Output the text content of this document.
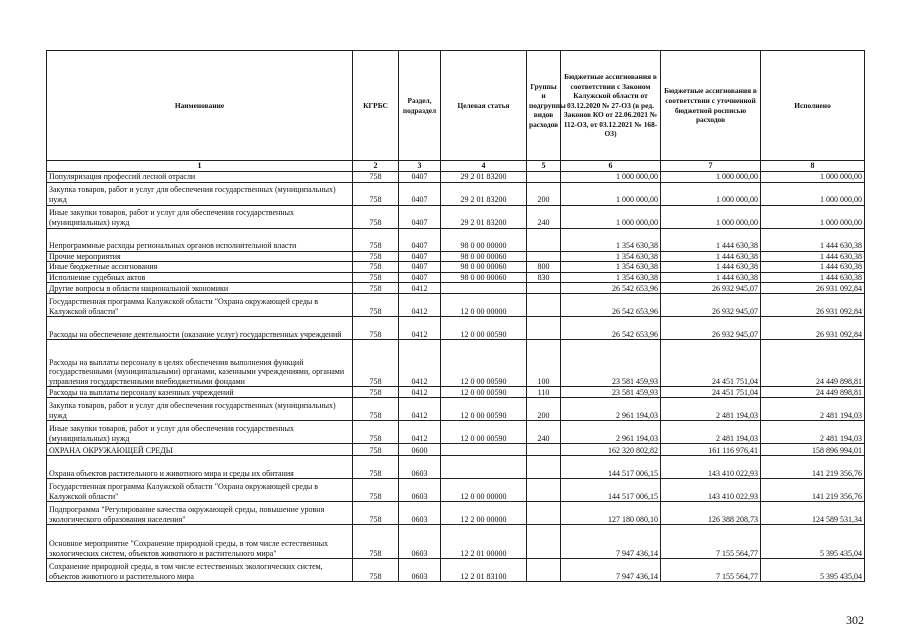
Наименование	КГРБС	Раздел, подраздел	Целевая статья	Группы и подгруппы видов расходов	Бюджетные ассигнования в соответствии с Законом Калужской области от 03.12.2020 № 27-ОЗ (в ред. Законов КО от 22.06.2021 № 112-ОЗ, от 03.12.2021 № 168-ОЗ)	Бюджетные ассигнования в соответствии с уточненной бюджетной росписью расходов	Исполнено
1	2	3	4	5	6	7	8
Популяризация профессий лесной отрасли	758	0407	29 2 01 83200		1 000 000,00	1 000 000,00	1 000 000,00
Закупка товаров, работ и услуг для обеспечения государственных (муниципальных) нужд	758	0407	29 2 01 83200	200	1 000 000,00	1 000 000,00	1 000 000,00
Иные закупки товаров, работ и услуг для обеспечения государственных (муниципальных) нужд	758	0407	29 2 01 83200	240	1 000 000,00	1 000 000,00	1 000 000,00
Непрограммные расходы региональных органов исполнительной власти	758	0407	98 0 00 00000		1 354 630,38	1 444 630,38	1 444 630,38
Прочие мероприятия	758	0407	98 0 00 00060		1 354 630,38	1 444 630,38	1 444 630,38
Иные бюджетные ассигнования	758	0407	98 0 00 00060	800	1 354 630,38	1 444 630,38	1 444 630,38
Исполнение судебных актов	758	0407	98 0 00 00060	830	1 354 630,38	1 444 630,38	1 444 630,38
Другие вопросы в области национальной экономики	758	0412			26 542 653,96	26 932 945,07	26 931 092,84
Государственная программа Калужской области "Охрана окружающей среды в Калужской области"	758	0412	12 0 00 00000		26 542 653,96	26 932 945,07	26 931 092,84
Расходы на обеспечение деятельности (оказание услуг) государственных учреждений	758	0412	12 0 00 00590		26 542 653,96	26 932 945,07	26 931 092,84
Расходы на выплаты персоналу в целях обеспечения выполнения функций государственными (муниципальными) органами, казенными учреждениями, органами управления государственными внебюджетными фондами	758	0412	12 0 00 00590	100	23 581 459,93	24 451 751,04	24 449 898,81
Расходы на выплаты персоналу казенных учреждений	758	0412	12 0 00 00590	110	23 581 459,93	24 451 751,04	24 449 898,81
Закупка товаров, работ и услуг для обеспечения государственных (муниципальных) нужд	758	0412	12 0 00 00590	200	2 961 194,03	2 481 194,03	2 481 194,03
Иные закупки товаров, работ и услуг для обеспечения государственных (муниципальных) нужд	758	0412	12 0 00 00590	240	2 961 194,03	2 481 194,03	2 481 194,03
ОХРАНА ОКРУЖАЮЩЕЙ СРЕДЫ	758	0600			162 320 802,82	161 116 976,41	158 896 994,01
Охрана объектов растительного и животного мира и среды их обитания	758	0603			144 517 006,15	143 410 022,93	141 219 356,76
Государственная программа Калужской области "Охрана окружающей среды в Калужской области"	758	0603	12 0 00 00000		144 517 006,15	143 410 022,93	141 219 356,76
Подпрограмма "Регулирование качества окружающей среды, повышение уровня экологического образования населения"	758	0603	12 2 00 00000		127 180 080,10	126 388 208,73	124 589 531,34
Основное мероприятие "Сохранение природной среды, в том числе естественных экологических систем, объектов животного и растительного мира"	758	0603	12 2 01 00000		7 947 436,14	7 155 564,77	5 395 435,04
Сохранение природной среды, в том числе естественных экологических систем, объектов животного и растительного мира	758	0603	12 2 01 83100		7 947 436,14	7 155 564,77	5 395 435,04
302
